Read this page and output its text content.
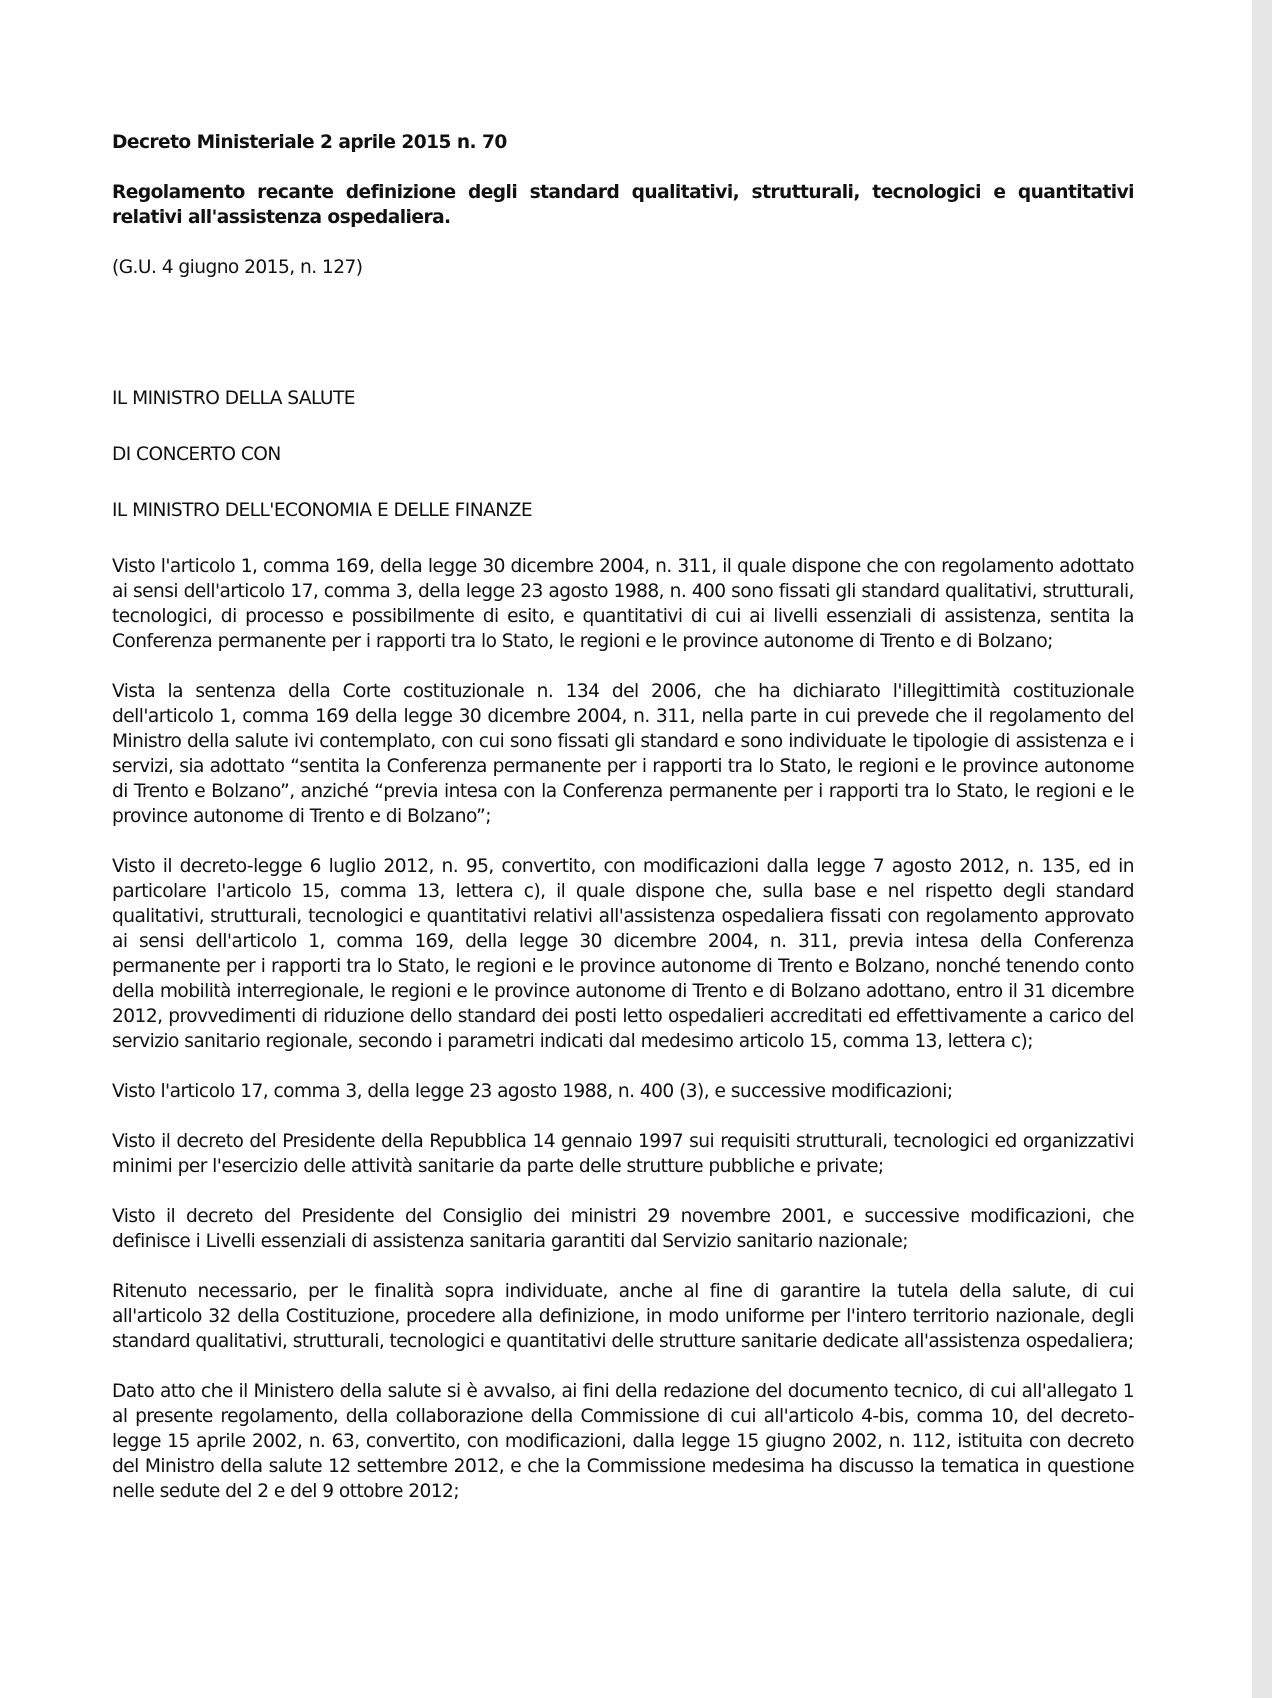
Decreto Ministeriale 2 aprile 2015 n. 70
Regolamento recante definizione degli standard qualitativi, strutturali, tecnologici e quantitativi relativi all'assistenza ospedaliera.
(G.U. 4 giugno 2015, n. 127)
IL MINISTRO DELLA SALUTE
DI CONCERTO CON
IL MINISTRO DELL'ECONOMIA E DELLE FINANZE
Visto l'articolo 1, comma 169, della legge 30 dicembre 2004, n. 311, il quale dispone che con regolamento adottato ai sensi dell'articolo 17, comma 3, della legge 23 agosto 1988, n. 400 sono fissati gli standard qualitativi, strutturali, tecnologici, di processo e possibilmente di esito, e quantitativi di cui ai livelli essenziali di assistenza, sentita la Conferenza permanente per i rapporti tra lo Stato, le regioni e le province autonome di Trento e di Bolzano;
Vista la sentenza della Corte costituzionale n. 134 del 2006, che ha dichiarato l'illegittimità costituzionale dell'articolo 1, comma 169 della legge 30 dicembre 2004, n. 311, nella parte in cui prevede che il regolamento del Ministro della salute ivi contemplato, con cui sono fissati gli standard e sono individuate le tipologie di assistenza e i servizi, sia adottato “sentita la Conferenza permanente per i rapporti tra lo Stato, le regioni e le province autonome di Trento e Bolzano”, anziché “previa intesa con la Conferenza permanente per i rapporti tra lo Stato, le regioni e le province autonome di Trento e di Bolzano”;
Visto il decreto-legge 6 luglio 2012, n. 95, convertito, con modificazioni dalla legge 7 agosto 2012, n. 135, ed in particolare l'articolo 15, comma 13, lettera c), il quale dispone che, sulla base e nel rispetto degli standard qualitativi, strutturali, tecnologici e quantitativi relativi all'assistenza ospedaliera fissati con regolamento approvato ai sensi dell'articolo 1, comma 169, della legge 30 dicembre 2004, n. 311, previa intesa della Conferenza permanente per i rapporti tra lo Stato, le regioni e le province autonome di Trento e Bolzano, nonché tenendo conto della mobilità interregionale, le regioni e le province autonome di Trento e di Bolzano adottano, entro il 31 dicembre 2012, provvedimenti di riduzione dello standard dei posti letto ospedalieri accreditati ed effettivamente a carico del servizio sanitario regionale, secondo i parametri indicati dal medesimo articolo 15, comma 13, lettera c);
Visto l'articolo 17, comma 3, della legge 23 agosto 1988, n. 400 (3), e successive modificazioni;
Visto il decreto del Presidente della Repubblica 14 gennaio 1997 sui requisiti strutturali, tecnologici ed organizzativi minimi per l'esercizio delle attività sanitarie da parte delle strutture pubbliche e private;
Visto il decreto del Presidente del Consiglio dei ministri 29 novembre 2001, e successive modificazioni, che definisce i Livelli essenziali di assistenza sanitaria garantiti dal Servizio sanitario nazionale;
Ritenuto necessario, per le finalità sopra individuate, anche al fine di garantire la tutela della salute, di cui all'articolo 32 della Costituzione, procedere alla definizione, in modo uniforme per l'intero territorio nazionale, degli standard qualitativi, strutturali, tecnologici e quantitativi delle strutture sanitarie dedicate all'assistenza ospedaliera;
Dato atto che il Ministero della salute si è avvalso, ai fini della redazione del documento tecnico, di cui all'allegato 1 al presente regolamento, della collaborazione della Commissione di cui all'articolo 4-bis, comma 10, del decreto-legge 15 aprile 2002, n. 63, convertito, con modificazioni, dalla legge 15 giugno 2002, n. 112, istituita con decreto del Ministro della salute 12 settembre 2012, e che la Commissione medesima ha discusso la tematica in questione nelle sedute del 2 e del 9 ottobre 2012;
